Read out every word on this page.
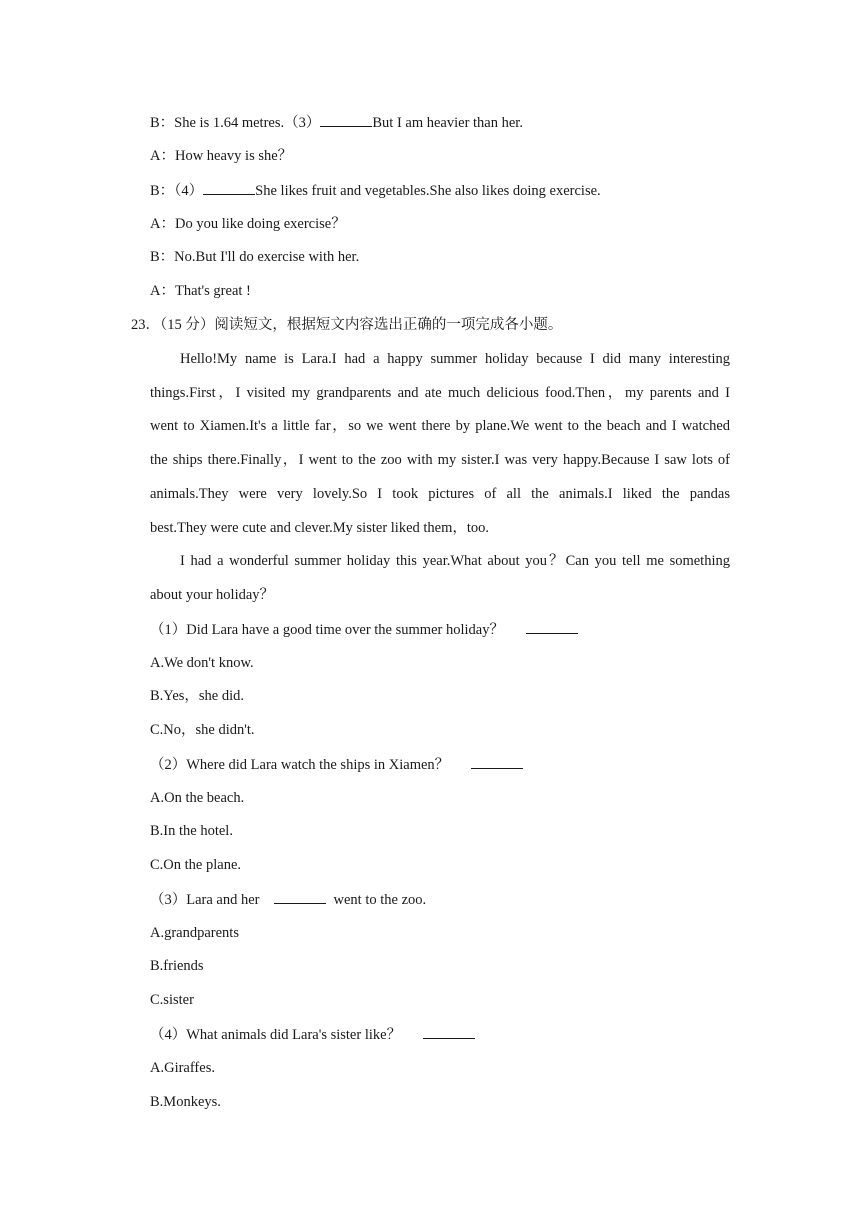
B：She is 1.64 metres.（3）	But I am heavier than her.
A：How heavy is she？
B：（4）	She likes fruit and vegetables.She also likes doing exercise.
A：Do you like doing exercise？
B：No.But I'll do exercise with her.
A：That's great !
23．（15 分）阅读短文，根据短文内容选出正确的一项完成各小题。
Hello!My name is Lara.I had a happy summer holiday because I did many interesting
things.First，I visited my grandparents and ate much delicious food.Then，my parents and I
went to Xiamen.It's a little far，so we went there by plane.We went to the beach and I watched
the ships there.Finally，I went to the zoo with my sister.I was very happy.Because I saw lots of
animals.They were very lovely.So I took pictures of all the animals.I liked the pandas
best.They were cute and clever.My sister liked them，too.
I had a wonderful summer holiday this year.What about you？Can you tell me something
about your holiday？
（1）Did Lara have a good time over the summer holiday？
A.We don't know.
B.Yes，she did.
C.No，she didn't.
（2）Where did Lara watch the ships in Xiamen？
A.On the beach.
B.In the hotel.
C.On the plane.
（3）Lara and her	went to the zoo.
A.grandparents
B.friends
C.sister
（4）What animals did Lara's sister like？
A.Giraffes.
B.Monkeys.
